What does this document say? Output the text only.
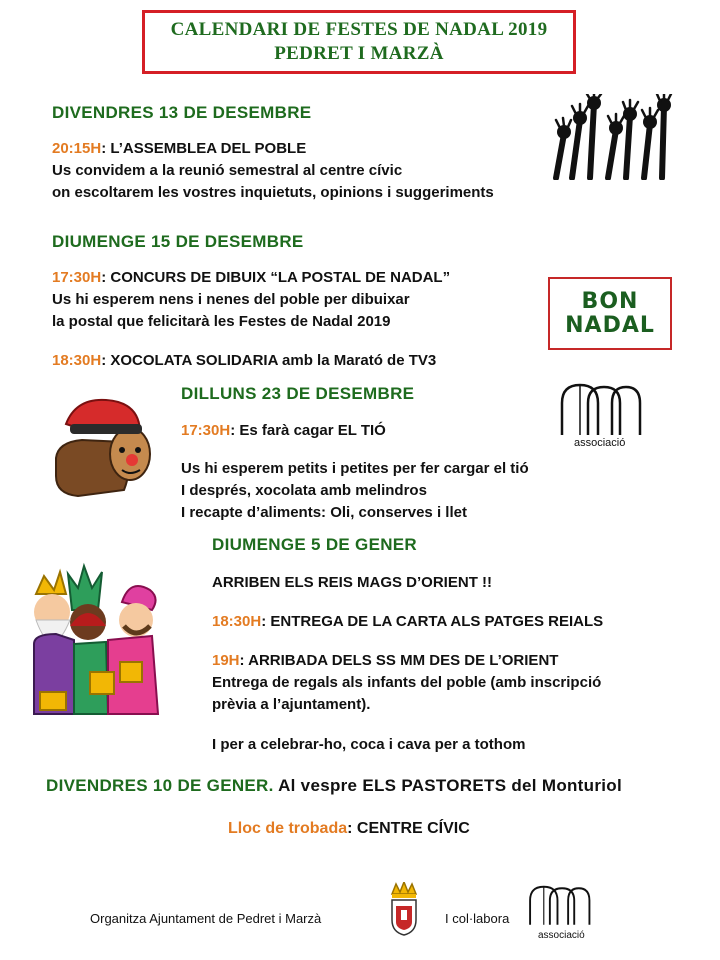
CALENDARI DE FESTES DE NADAL 2019
PEDRET I MARZÀ
DIVENDRES 13 DE DESEMBRE
20:15H: L’ASSEMBLEA DEL POBLE
Us convidem a la reunió semestral al centre cívic
on escoltarem les vostres inquietuts, opinions i suggeriments
DIUMENGE 15 DE DESEMBRE
17:30H: CONCURS DE DIBUIX “LA POSTAL DE NADAL”
Us hi esperem nens i nenes del poble per dibuixar
la postal que felicitarà les Festes de Nadal 2019
18:30H: XOCOLATA SOLIDARIA amb la Marató de TV3
BON
NADAL
DILLUNS 23 DE DESEMBRE
17:30H: Es farà cagar EL TIÓ
Us hi esperem petits i petites per fer cargar el tió
I després, xocolata amb melindros
I recapte d’aliments: Oli, conserves i llet
associació
DIUMENGE 5 DE GENER
ARRIBEN ELS REIS MAGS D’ORIENT !!
18:30H: ENTREGA DE LA CARTA ALS PATGES REIALS
19H: ARRIBADA DELS SS MM DES DE L’ORIENT
Entrega de regals als infants del poble (amb inscripció
prèvia a l’ajuntament).
I per a celebrar-ho, coca i cava per a tothom
DIVENDRES 10 DE GENER. Al vespre ELS PASTORETS del Monturiol
Lloc de trobada: CENTRE CÍVIC
Organitza Ajuntament de Pedret i Marzà	I col·labora
associació
